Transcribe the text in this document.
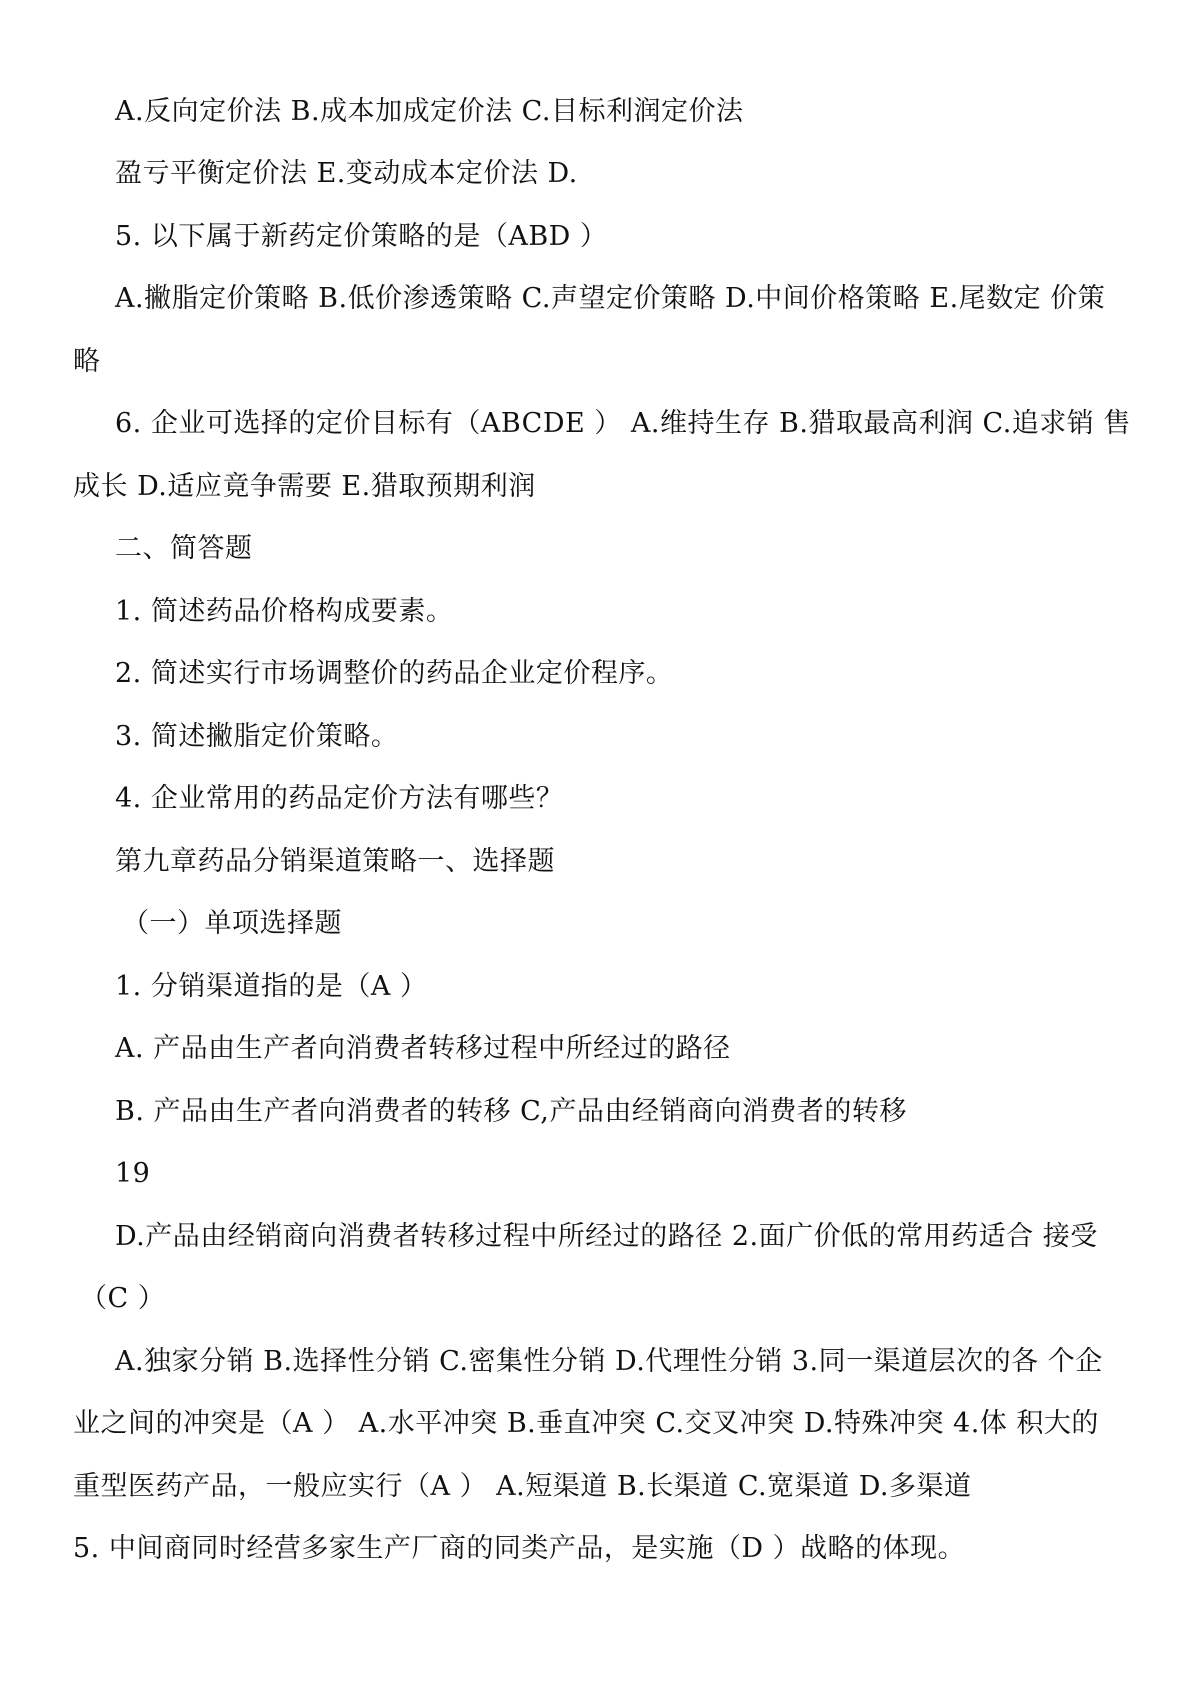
A.反向定价法 B.成本加成定价法 C.目标利润定价法
盈亏平衡定价法 E.变动成本定价法 D.
5. 以下属于新药定价策略的是（ABD ）
A.撇脂定价策略 B.低价渗透策略 C.声望定价策略 D.中间价格策略 E.尾数定 价策
略
6. 企业可选择的定价目标有（ABCDE ） A.维持生存 B.猎取最高利润 C.追求销 售
成长 D.适应竟争需要 E.猎取预期利润
二、简答题
1. 简述药品价格构成要素。
2. 简述实行市场调整价的药品企业定价程序。
3. 简述撇脂定价策略。
4. 企业常用的药品定价方法有哪些？
第九章药品分销渠道策略一、选择题
（一）单项选择题
1. 分销渠道指的是（A ）
A. 产品由生产者向消费者转移过程中所经过的路径
B. 产品由生产者向消费者的转移 C,产品由经销商向消费者的转移
19
D.产品由经销商向消费者转移过程中所经过的路径 2.面广价低的常用药适合 接受
（C ）
A.独家分销 B.选择性分销 C.密集性分销 D.代理性分销 3.同一渠道层次的各 个企
业之间的冲突是（A ） A.水平冲突 B.垂直冲突 C.交叉冲突 D.特殊冲突 4.体 积大的
重型医药产品，一般应实行（A ） A.短渠道 B.长渠道 C.宽渠道 D.多渠道
5. 中间商同时经营多家生产厂商的同类产品，是实施（D ）战略的体现。
